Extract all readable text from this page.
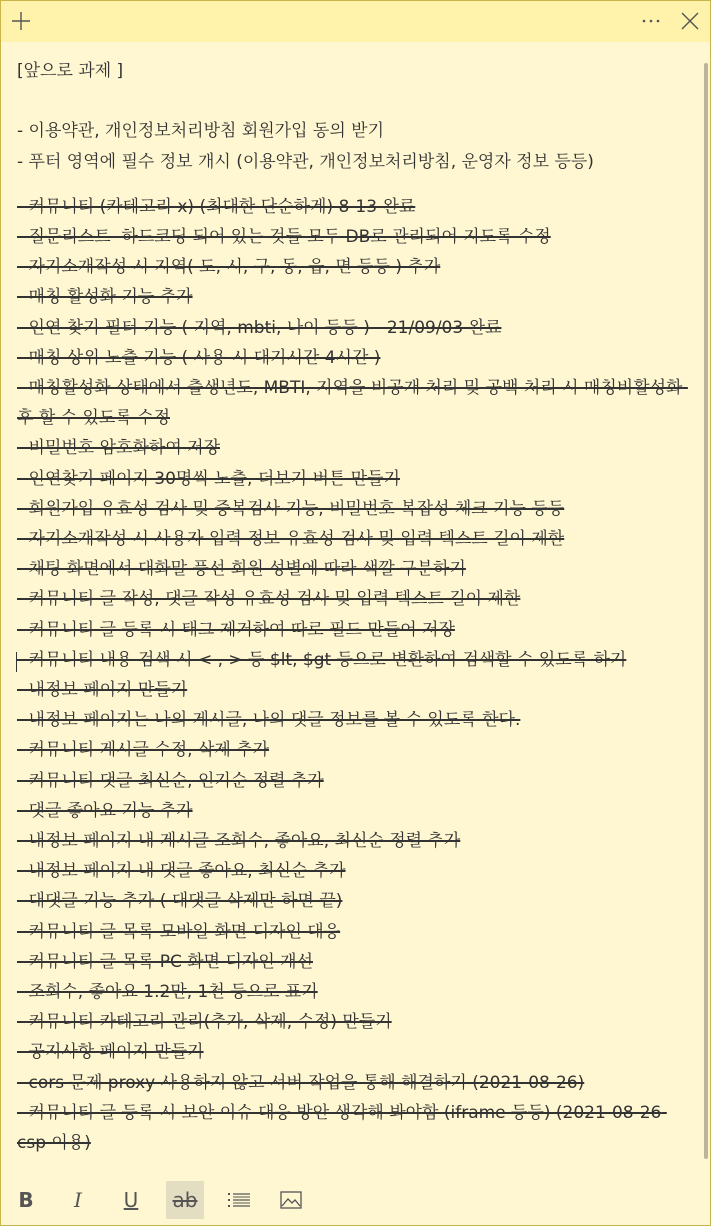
[앞으로 과제 ]
- 이용약관, 개인정보처리방침 회원가입 동의 받기
- 푸터 영역에 필수 정보 개시 (이용약관, 개인정보처리방침, 운영자 정보 등등)
- 커뮤니티 (카테고리 x) (최대한 단순하게) 8-13 완료
- 질문리스트  하드코딩 되어 있는 것들 모두 DB로 관리되어 지도록 수정
- 자기소개작성 시 지역( 도, 시, 구, 동, 읍, 면 등등 ) 추가
- 매칭 활성화 기능 추가
- 인연 찾기 필터 기능 ( 지역, mbti, 나이 등등 ) - 21/09/03 완료
- 매칭 상위 노출 기능 ( 사용 시 대기시간 4시간 )
- 매칭활성화 상태에서 출생년도, MBTI, 지역을 비공개 처리 및 공백 처리 시 매칭비활성화 후 할 수 있도록 수정
- 비밀번호 암호화하여 저장
- 인연찾기 페이지 30명씩 노출, 더보기 버튼 만들기
- 회원가입 유효성 검사 및 중복검사 기능, 비밀번호 복잡성 체크 기능 등등
- 자기소개작성 시 사용자 입력 정보 유효성 검사 및 입력 텍스트 길이 제한
- 채팅 화면에서 대화말 풍선 회원 성별에 따라 색깔 구분하기
- 커뮤니티 글 작성, 댓글 작성 유효성 검사 및 입력 텍스트 길이 제한
- 커뮤니티 글 등록 시 태그 제거하여 따로 필드 만들어 저장
- 커뮤니티 내용 검색 시 < , > 등 $lt, $gt 등으로 변환하여 검색할 수 있도록 하기
- 내정보 페이지 만들기
- 내정보 페이지는 나의 게시글, 나의 댓글 정보를 볼 수 있도록 한다.
- 커뮤니티 게시글 수정, 삭제 추가
- 커뮤니티 댓글 최신순, 인기순 정렬 추가
- 댓글 좋아요 기능 추가
- 내정보 페이지 내 게시글 조회수, 좋아요, 최신순 정렬 추가
- 내정보 페이지 내 댓글 좋아요, 최신순 추가
- 대댓글 기능 추가 ( 대댓글 삭제만 하면 끝)
- 커뮤니티 글 목록 모바일 화면 디자인 대응
- 커뮤니티 글 목록 PC 화면 디자인 개선
- 조회수, 좋아요 1.2만, 1천 등으로 표기
- 커뮤니티 카테고리 관리(추가, 삭제, 수정) 만들기
- 공지사항 페이지 만들기
- cors 문제 proxy 사용하지 않고 서버 작업을 통해 해결하기 (2021-08-26)
- 커뮤니티 글 등록 시 보안 이슈 대응 방안 생각해 봐야함 (iframe 등등) (2021-08-26 csp 이용)
B	I	U	ab
